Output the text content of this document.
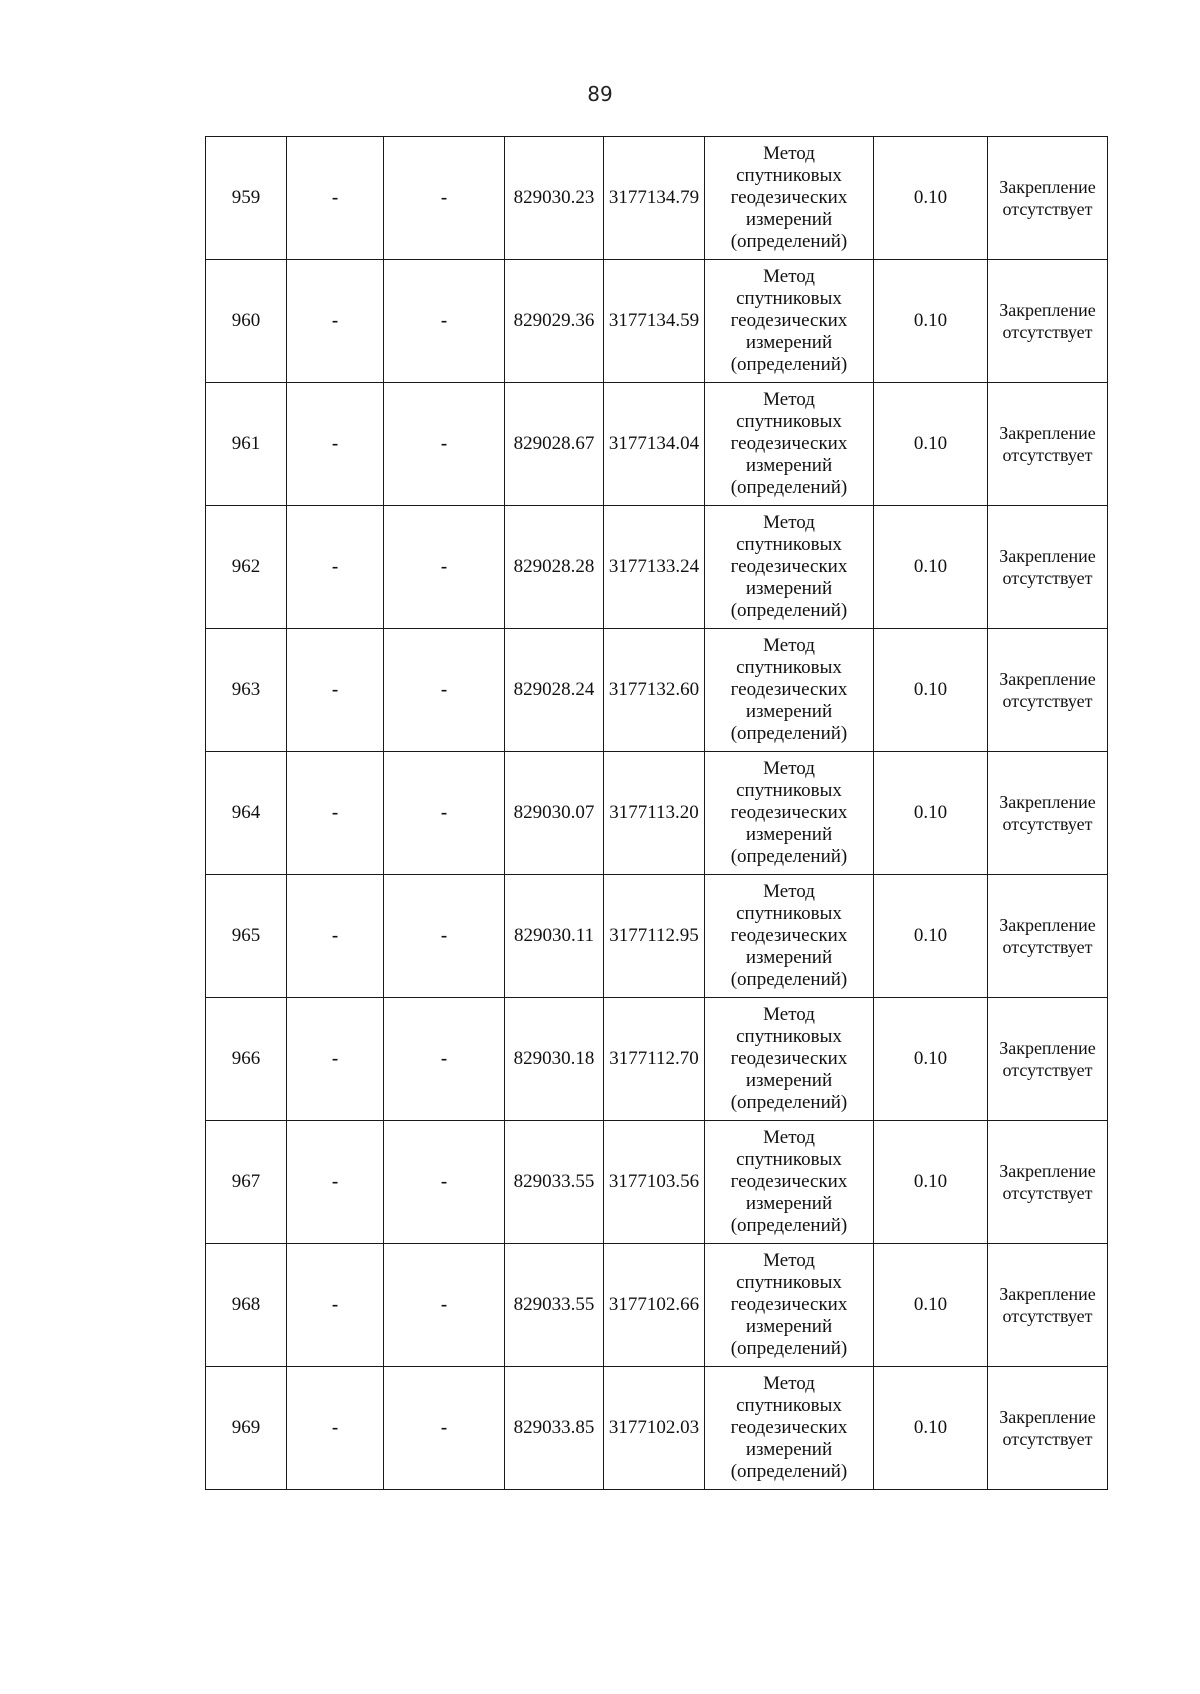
89
959	-	-	829030.23	3177134.79	Метод
спутниковых
геодезических
измерений
(определений)	0.10	Закрепление
отсутствует

960	-	-	829029.36	3177134.59	Метод
спутниковых
геодезических
измерений
(определений)	0.10	Закрепление
отсутствует

961	-	-	829028.67	3177134.04	Метод
спутниковых
геодезических
измерений
(определений)	0.10	Закрепление
отсутствует

962	-	-	829028.28	3177133.24	Метод
спутниковых
геодезических
измерений
(определений)	0.10	Закрепление
отсутствует

963	-	-	829028.24	3177132.60	Метод
спутниковых
геодезических
измерений
(определений)	0.10	Закрепление
отсутствует

964	-	-	829030.07	3177113.20	Метод
спутниковых
геодезических
измерений
(определений)	0.10	Закрепление
отсутствует

965	-	-	829030.11	3177112.95	Метод
спутниковых
геодезических
измерений
(определений)	0.10	Закрепление
отсутствует

966	-	-	829030.18	3177112.70	Метод
спутниковых
геодезических
измерений
(определений)	0.10	Закрепление
отсутствует

967	-	-	829033.55	3177103.56	Метод
спутниковых
геодезических
измерений
(определений)	0.10	Закрепление
отсутствует

968	-	-	829033.55	3177102.66	Метод
спутниковых
геодезических
измерений
(определений)	0.10	Закрепление
отсутствует

969	-	-	829033.85	3177102.03	Метод
спутниковых
геодезических
измерений
(определений)	0.10	Закрепление
отсутствует
